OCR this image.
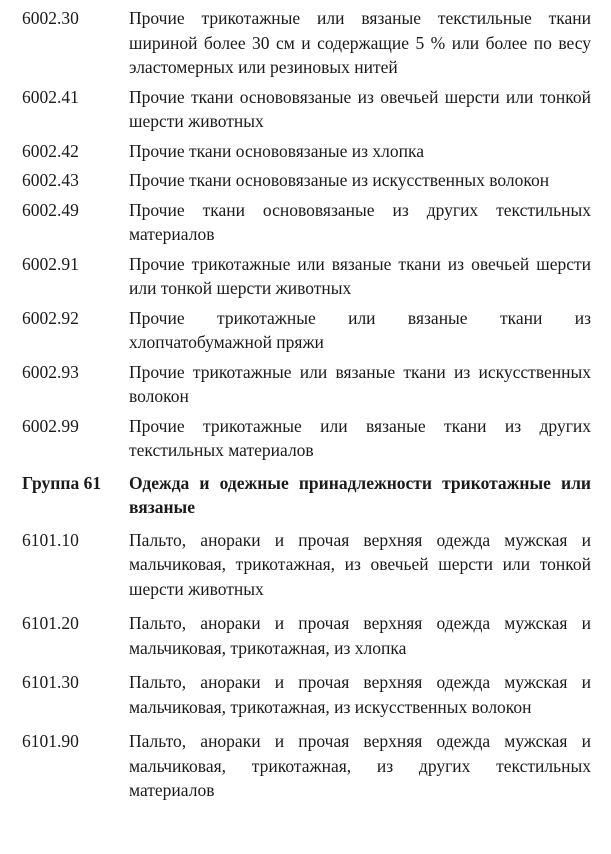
6002.30	Прочие трикотажные или вязаные текстильные ткани шириной более 30 см и содержащие 5 % или более по весу эластомерных или резиновых нитей
6002.41	Прочие ткани основовязаные из овечьей шерсти или тонкой шерсти животных
6002.42	Прочие ткани основовязаные из хлопка
6002.43	Прочие ткани основовязаные из искусственных волокон
6002.49	Прочие ткани основовязаные из других текстильных материалов
6002.91	Прочие трикотажные или вязаные ткани из овечьей шерсти или тонкой шерсти животных
6002.92	Прочие трикотажные или вязаные ткани из хлопчатобумажной пряжи
6002.93	Прочие трикотажные или вязаные ткани из искусственных волокон
6002.99	Прочие трикотажные или вязаные ткани из других текстильных материалов
Группа 61	Одежда и одежные принадлежности трикотажные или вязаные
6101.10	Пальто, анораки и прочая верхняя одежда мужская и мальчиковая, трикотажная, из овечьей шерсти или тонкой шерсти животных
6101.20	Пальто, анораки и прочая верхняя одежда мужская и мальчиковая, трикотажная, из хлопка
6101.30	Пальто, анораки и прочая верхняя одежда мужская и мальчиковая, трикотажная, из искусственных волокон
6101.90	Пальто, анораки и прочая верхняя одежда мужская и мальчиковая, трикотажная, из других текстильных материалов
